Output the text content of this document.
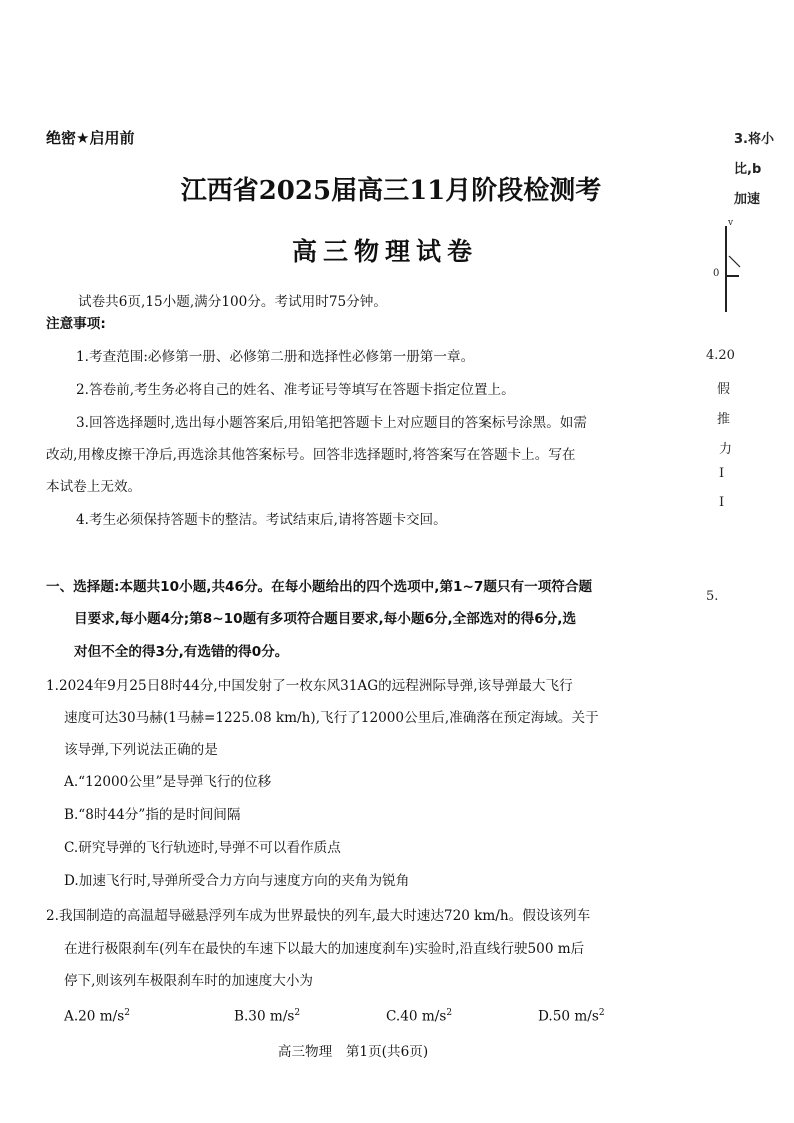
绝密★启用前
江西省2025届高三11月阶段检测考
高三物理试卷
试卷共6页,15小题,满分100分。考试用时75分钟。
注意事项:
1.考查范围:必修第一册、必修第二册和选择性必修第一册第一章。
2.答卷前,考生务必将自己的姓名、准考证号等填写在答题卡指定位置上。
3.回答选择题时,选出每小题答案后,用铅笔把答题卡上对应题目的答案标号涂黑。如需
改动,用橡皮擦干净后,再选涂其他答案标号。回答非选择题时,将答案写在答题卡上。写在
本试卷上无效。
4.考生必须保持答题卡的整洁。考试结束后,请将答题卡交回。
一、选择题:本题共10小题,共46分。在每小题给出的四个选项中,第1~7题只有一项符合题
目要求,每小题4分;第8~10题有多项符合题目要求,每小题6分,全部选对的得6分,选
对但不全的得3分,有选错的得0分。
1.2024年9月25日8时44分,中国发射了一枚东风31AG的远程洲际导弹,该导弹最大飞行
速度可达30马赫(1马赫=1225.08 km/h),飞行了12000公里后,准确落在预定海域。关于
该导弹,下列说法正确的是
A.“12000公里”是导弹飞行的位移
B.“8时44分”指的是时间间隔
C.研究导弹的飞行轨迹时,导弹不可以看作质点
D.加速飞行时,导弹所受合力方向与速度方向的夹角为锐角
2.我国制造的高温超导磁悬浮列车成为世界最快的列车,最大时速达720 km/h。假设该列车
在进行极限刹车(列车在最快的车速下以最大的加速度刹车)实验时,沿直线行驶500 m后
停下,则该列车极限刹车时的加速度大小为
A.20 $m/s^2$	B.30 $m/s^2$	C.40 $m/s^2$	D.50 $m/s^2$
高三物理　第1页(共6页)
3.将小
比,b
加速
v
0
4.20
假
推
力
I
I
5.
